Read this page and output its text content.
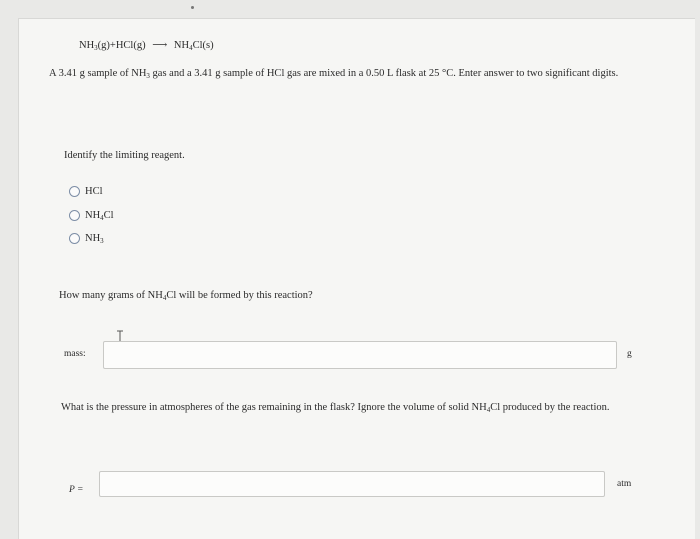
$NH_3(g)+HCl(g)$ ⟶ $NH_4Cl(s)$
A 3.41 g sample of $NH_3$ gas and a 3.41 g sample of HCl gas are mixed in a 0.50 L flask at 25 °C. Enter answer to two significant digits.
Identify the limiting reagent.
HCl
$NH_4Cl$
$NH_3$
How many grams of $NH_4Cl$ will be formed by this reaction?
mass:	g
What is the pressure in atmospheres of the gas remaining in the flask? Ignore the volume of solid $NH_4Cl$ produced by the reaction.
P =
atm
